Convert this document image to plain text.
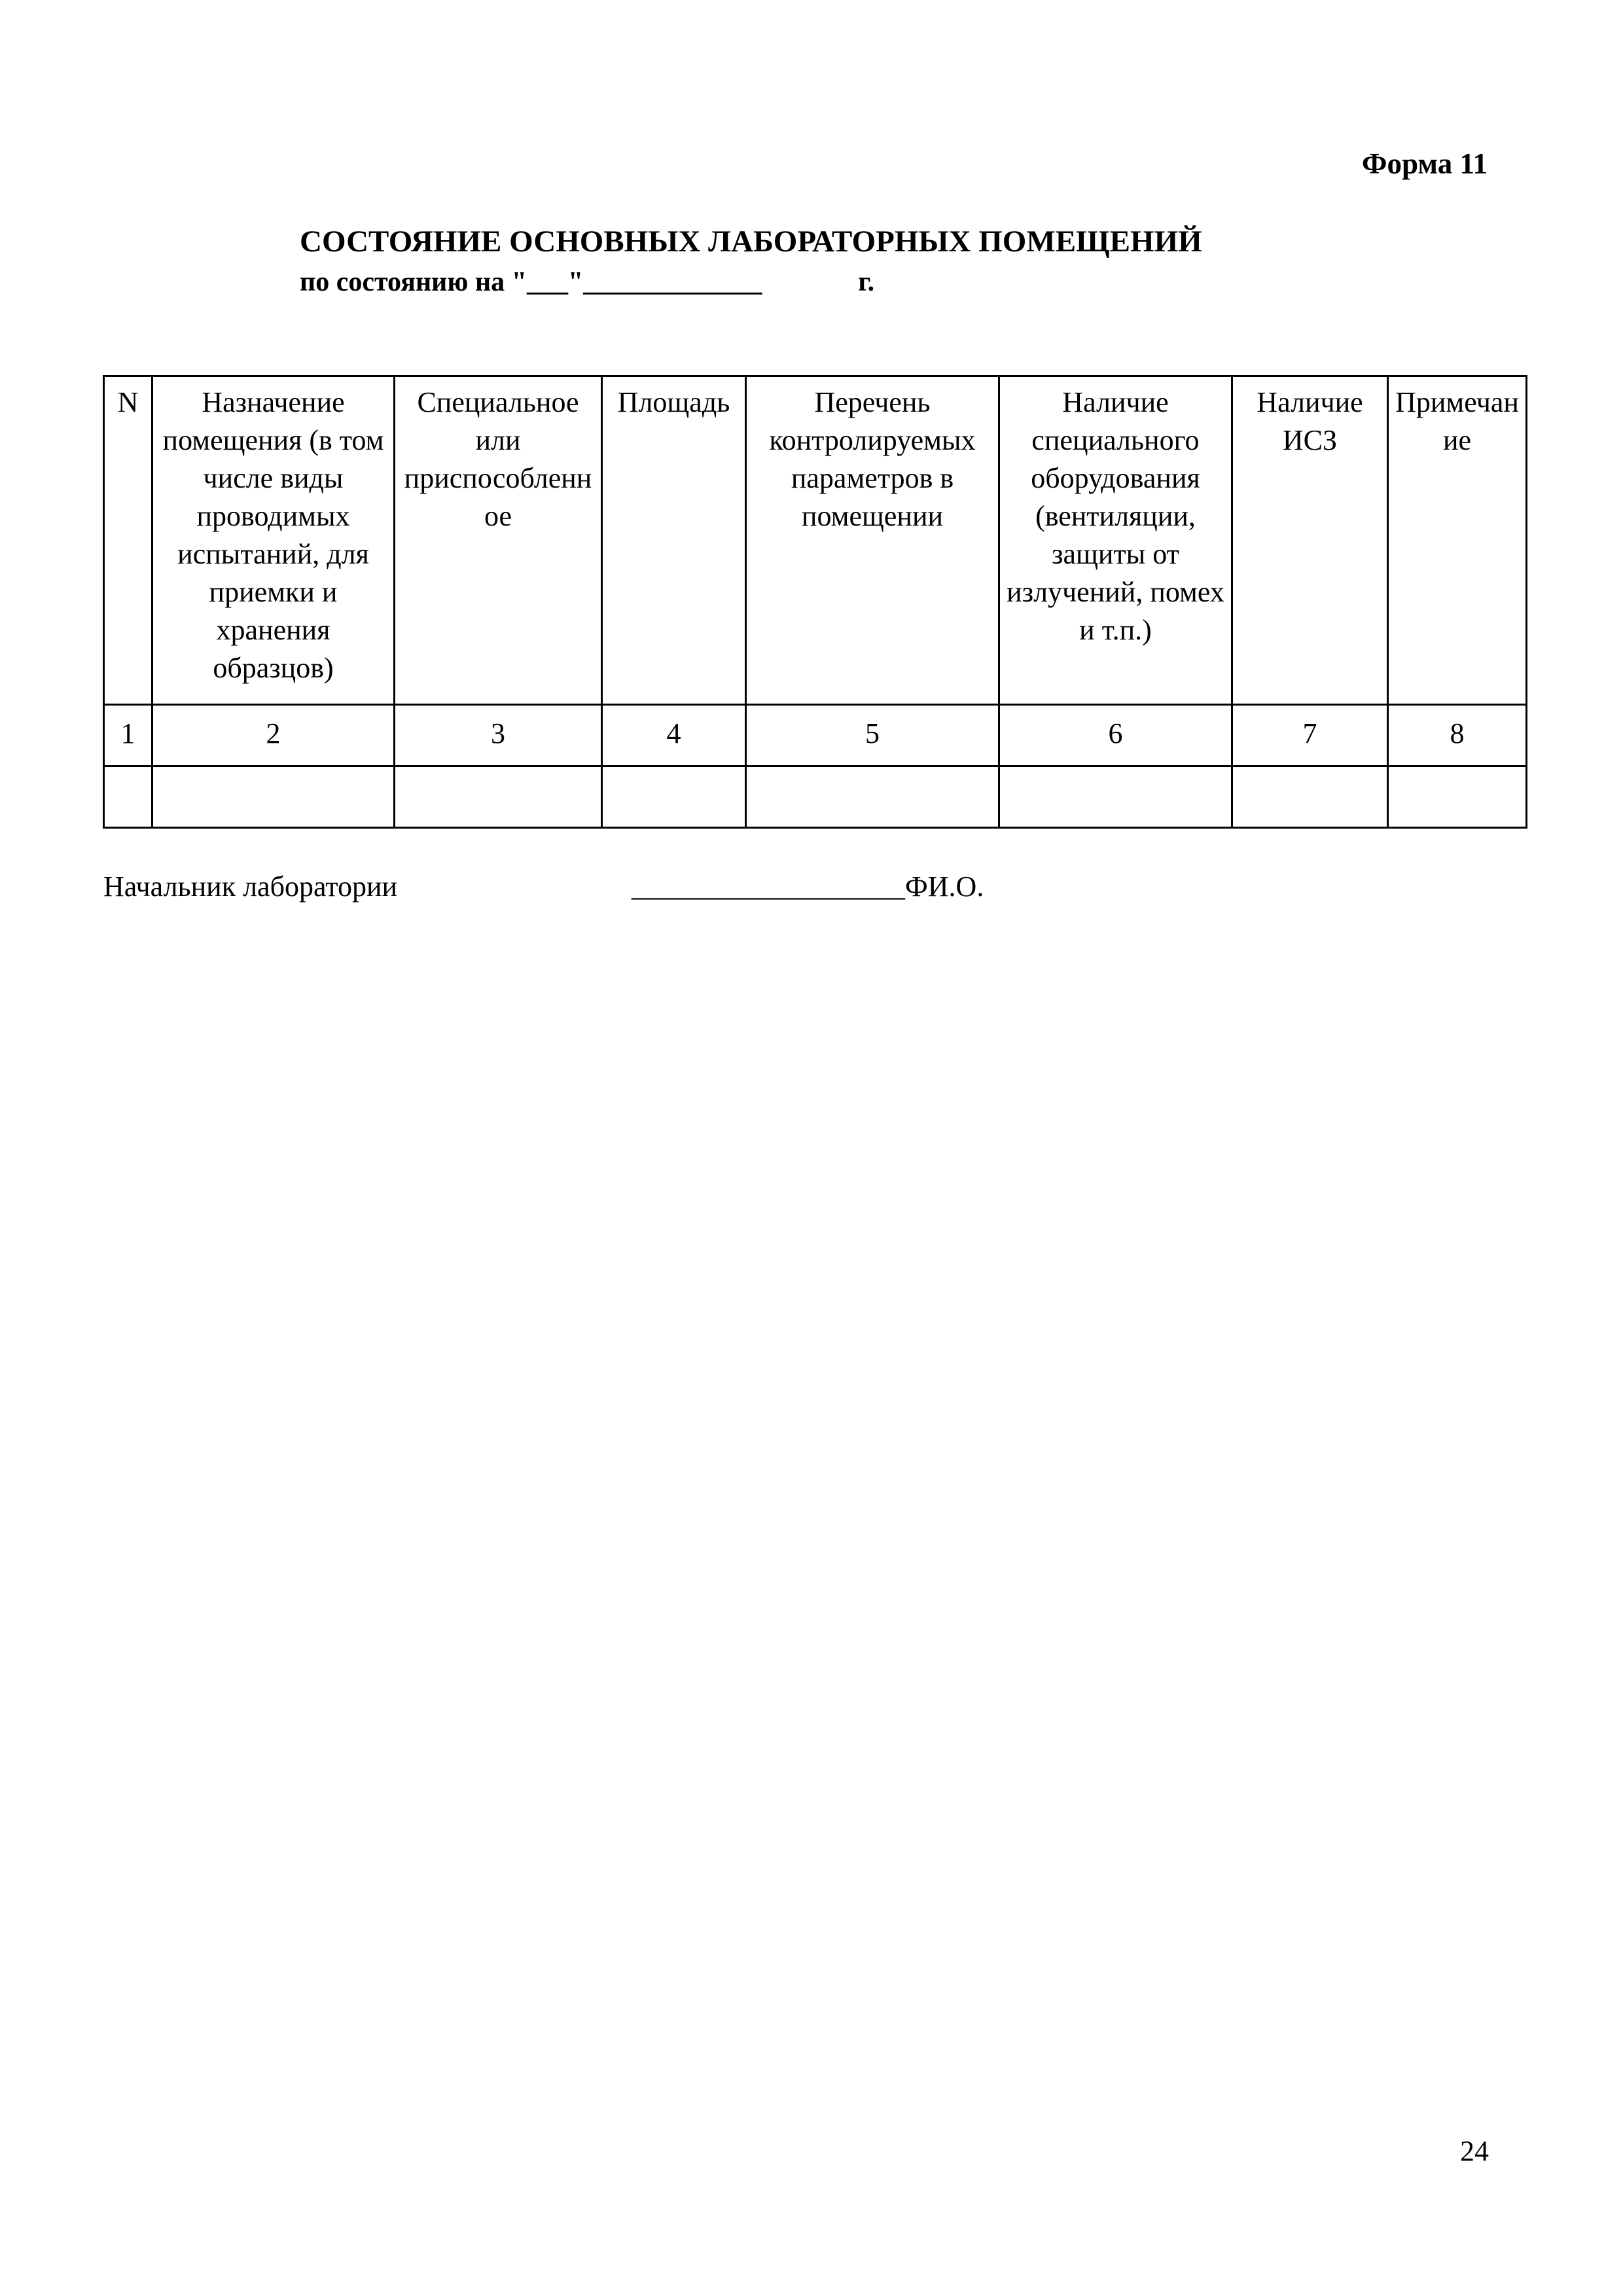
Форма 11
СОСТОЯНИЕ ОСНОВНЫХ ЛАБОРАТОРНЫХ ПОМЕЩЕНИЙ
по состоянию на "___"_____________              г.
N	Назначение помещения (в том числе виды проводимых испытаний, для приемки и хранения образцов)	Специальное или приспособленное	Площадь	Перечень контролируемых параметров в помещении	Наличие специального оборудования (вентиляции, защиты от излучений, помех и т.п.)	Наличие ИСЗ	Примечание
1	2	3	4	5	6	7	8

Начальник лаборатории	___________________ФИ.О.
24
